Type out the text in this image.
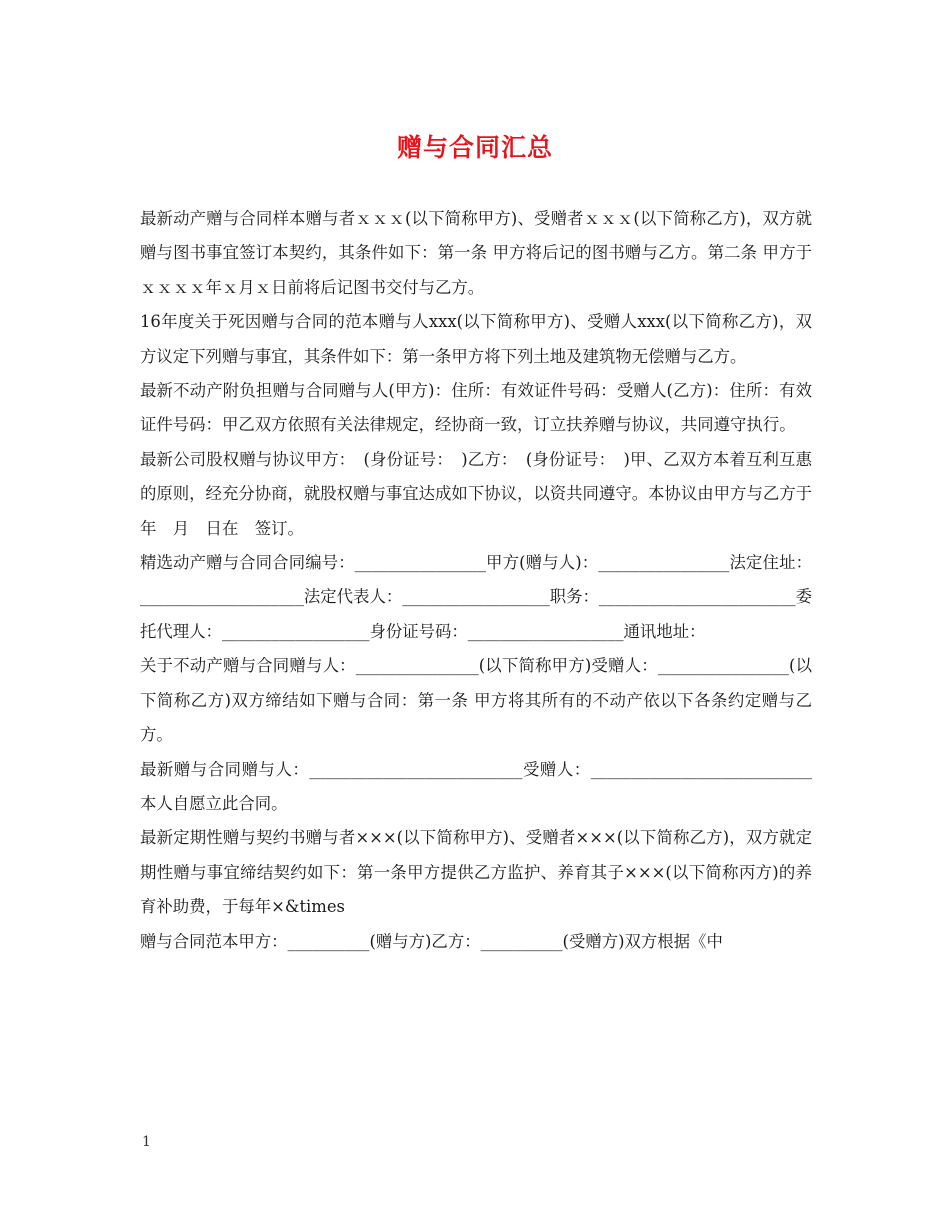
赠与合同汇总

最新动产赠与合同样本赠与者ｘｘｘ(以下简称甲方)、受赠者ｘｘｘ(以下简称乙方)，双方就赠与图书事宜签订本契约，其条件如下：第一条 甲方将后记的图书赠与乙方。第二条 甲方于ｘｘｘｘ年ｘ月ｘ日前将后记图书交付与乙方。

16年度关于死因赠与合同的范本赠与人xxx(以下简称甲方)、受赠人xxx(以下简称乙方)，双方议定下列赠与事宜，其条件如下：第一条甲方将下列土地及建筑物无偿赠与乙方。

最新不动产附负担赠与合同赠与人(甲方)：住所：有效证件号码：受赠人(乙方)：住所：有效证件号码：甲乙双方依照有关法律规定，经协商一致，订立扶养赠与协议，共同遵守执行。

最新公司股权赠与协议甲方：　(身份证号：　)乙方：　(身份证号：　)甲、乙双方本着互利互惠的原则，经充分协商，就股权赠与事宜达成如下协议，以资共同遵守。本协议由甲方与乙方于　年　月　日在　签订。

精选动产赠与合同合同编号：________________甲方(赠与人)：________________法定住址：____________________法定代表人：__________________职务：________________________委托代理人：__________________身份证号码：___________________通讯地址：

关于不动产赠与合同赠与人：_______________(以下简称甲方)受赠人：________________(以下简称乙方)双方缔结如下赠与合同：第一条 甲方将其所有的不动产依以下各条约定赠与乙方。

最新赠与合同赠与人：__________________________受赠人：___________________________本人自愿立此合同。

最新定期性赠与契约书赠与者×××(以下简称甲方)、受赠者×××(以下简称乙方)，双方就定期性赠与事宜缔结契约如下：第一条甲方提供乙方监护、养育其子×××(以下简称丙方)的养育补助费，于每年×&times

赠与合同范本甲方：__________(赠与方)乙方：__________(受赠方)双方根据《中

1
